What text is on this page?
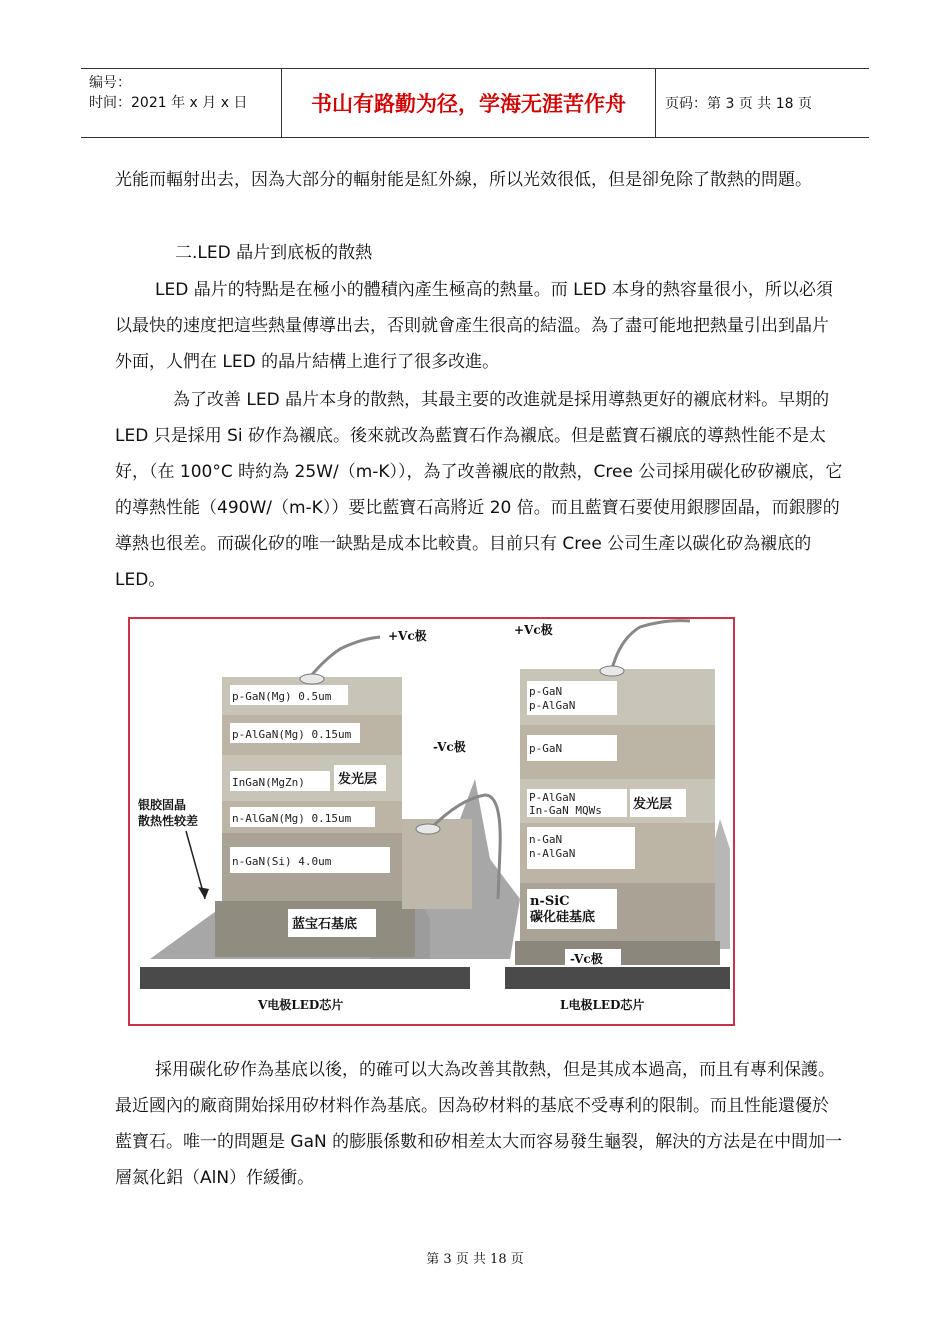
编号：
时间：2021 年 x 月 x 日	书山有路勤为径，学海无涯苦作舟	页码：第 3 页 共 18 页
光能而輻射出去，因為大部分的輻射能是紅外線，所以光效很低，但是卻免除了散熱的問題。
二.LED 晶片到底板的散熱
LED 晶片的特點是在極小的體積內產生極高的熱量。而 LED 本身的熱容量很小，所以必須以最快的速度把這些熱量傳導出去，否則就會產生很高的結溫。為了盡可能地把熱量引出到晶片外面，人們在 LED 的晶片結構上進行了很多改進。
為了改善 LED 晶片本身的散熱，其最主要的改進就是採用導熱更好的襯底材料。早期的 LED 只是採用 Si 矽作為襯底。後來就改為藍寶石作為襯底。但是藍寶石襯底的導熱性能不是太好，（在 100°C 時約為 25W/（m-K）），為了改善襯底的散熱，Cree 公司採用碳化矽矽襯底，它的導熱性能（490W/（m-K））要比藍寶石高將近 20 倍。而且藍寶石要使用銀膠固晶，而銀膠的導熱也很差。而碳化矽的唯一缺點是成本比較貴。目前只有 Cree 公司生產以碳化矽為襯底的 LED。
+Vc极
p-GaN(Mg) 0.5um
p-AlGaN(Mg) 0.15um
InGaN(MgZn)	发光层
n-AlGaN(Mg) 0.15um
n-GaN(Si) 4.0um
-Vc极
蓝宝石基底
银胶固晶
散热性较差
V电极LED芯片
+Vc极
p-GaN
p-AlGaN
p-GaN
P-AlGaN
In-GaN MQWs 发光层
n-GaN
n-AlGaN
n-SiC
碳化硅基底
-Vc极
L电极LED芯片
採用碳化矽作為基底以後，的確可以大為改善其散熱，但是其成本過高，而且有專利保護。最近國內的廠商開始採用矽材料作為基底。因為矽材料的基底不受專利的限制。而且性能還優於藍寶石。唯一的問題是 GaN 的膨脹係數和矽相差太大而容易發生龜裂，解決的方法是在中間加一層氮化鋁（AlN）作緩衝。
第 3 页 共 18 页
